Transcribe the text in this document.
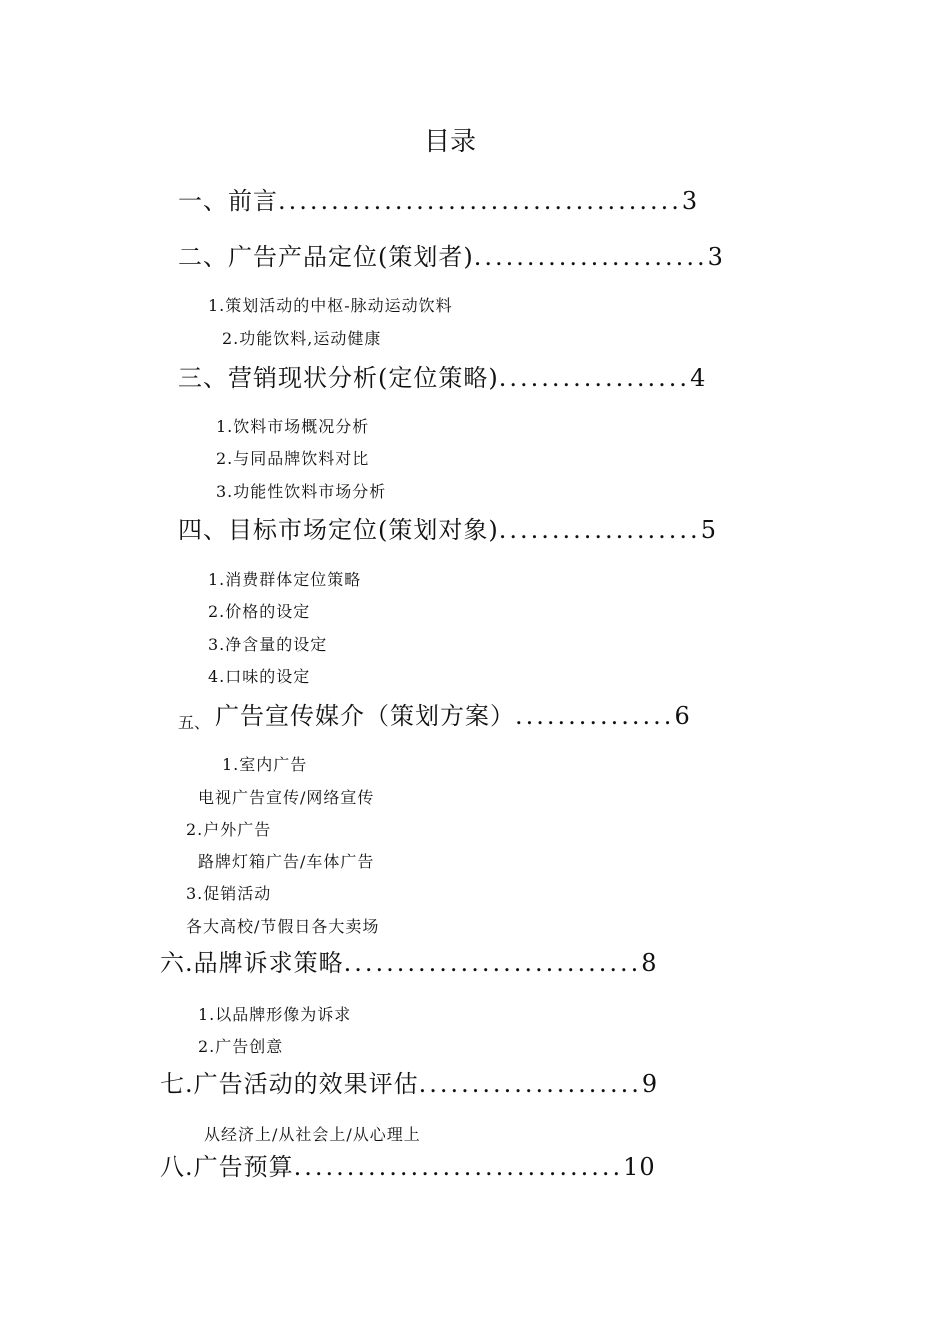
目录
一、前言......................................3
二、广告产品定位(策划者)......................3
1.策划活动的中枢-脉动运动饮料
2.功能饮料,运动健康
三、营销现状分析(定位策略)..................4
1.饮料市场概况分析
2.与同品牌饮料对比
3.功能性饮料市场分析
四、目标市场定位(策划对象)...................5
1.消费群体定位策略
2.价格的设定
3.净含量的设定
4.口味的设定
五、 广告宣传媒介（策划方案）...............6
1.室内广告
电视广告宣传/网络宣传
2.户外广告
路牌灯箱广告/车体广告
3.促销活动
各大高校/节假日各大卖场
六.品牌诉求策略............................8
1.以品牌形像为诉求
2.广告创意
七.广告活动的效果评估.....................9
从经济上/从社会上/从心理上
八.广告预算...............................10
